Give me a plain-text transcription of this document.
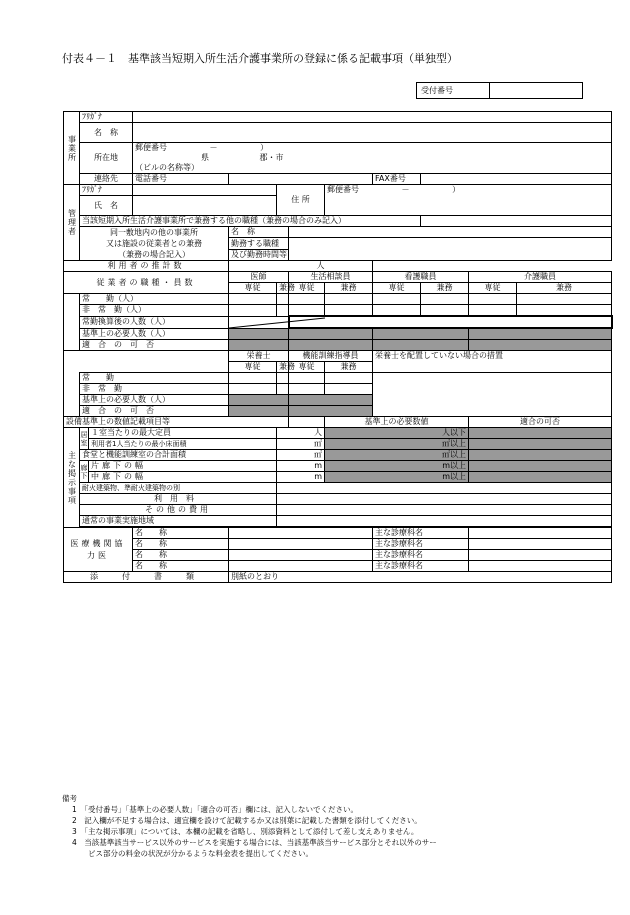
付表４－１　基準該当短期入所生活介護事業所の登録に係る記載事項（単独型）
受付番号	
事業所	ﾌﾘｶﾞﾅ										
	名　称										
	所在地		郵便番号 － ）								
			県 郡・市								
			（ビルの名称等）								
	連絡先		電話番号					FAX番号			
管理者	ﾌﾘｶﾞﾅ				住 所		郵便番号 － ）				
	氏　名										
	当該短期入所生活介護事業所で兼務する他の職種（兼務の場合のみ記入）										

	同一敷地内の他の事業所
又は施設の従業者との兼務
（兼務の場合記入）			名　称							
				勤務する職種							
				及び勤務時間等							
利用者の推計数				人							
従業者の職種・員数				医師		生活相談員		看護職員		介護職員	
				専従	兼務	専従	兼務	専従	兼務	専従	兼務
	常　　勤（人）										
	非　常　勤（人）										
	常勤換算後の人数（人）	

	基準上の必要人数（人）										
	適　合　の　可　否										
				栄養士		機能訓練指導員		栄養士を配置していない場合の措置			
				専従	兼務	専従	兼務				
	常　　勤										
	非　常　勤										
	基準上の必要人数（人）										
	適　合　の　可　否										
設備基準上の数値記載項目等							基準上の必要数値			適合の可否	
主な掲示事項	居室	１室当たりの最大定員			人		人以下				
		利用者1人当たりの最小床面積			㎡		㎡以上				
	食堂と機能訓練室の合計面積				㎡		㎡以上				
	廊下	片廊下の幅			m		m以上				
		中廊下の幅			m		m以上				
	耐火建築物、準耐火建築物の別										
	利用料										
	その他の費用										
	通常の事業実施地域										

医療機関協力医			名　　称					主な診療科名			
			名　　称					主な診療科名			
			名　　称					主な診療科名			
			名　　称					主な診療科名			
添　付　書　類				別紙のとおり							
備考
1　「受付番号」「基準上の必要人数」「適合の可否」欄には、記入しないでください。
2　記入欄が不足する場合は、適宜欄を設けて記載するか又は別葉に記載した書類を添付してください。
3　「主な掲示事項」については、本欄の記載を省略し、別添資料として添付して差し支えありません。
4　当該基準該当サービス以外のサービスを実施する場合には、当該基準該当サービス部分とそれ以外のサー
ビス部分の料金の状況が分かるような料金表を提出してください。
